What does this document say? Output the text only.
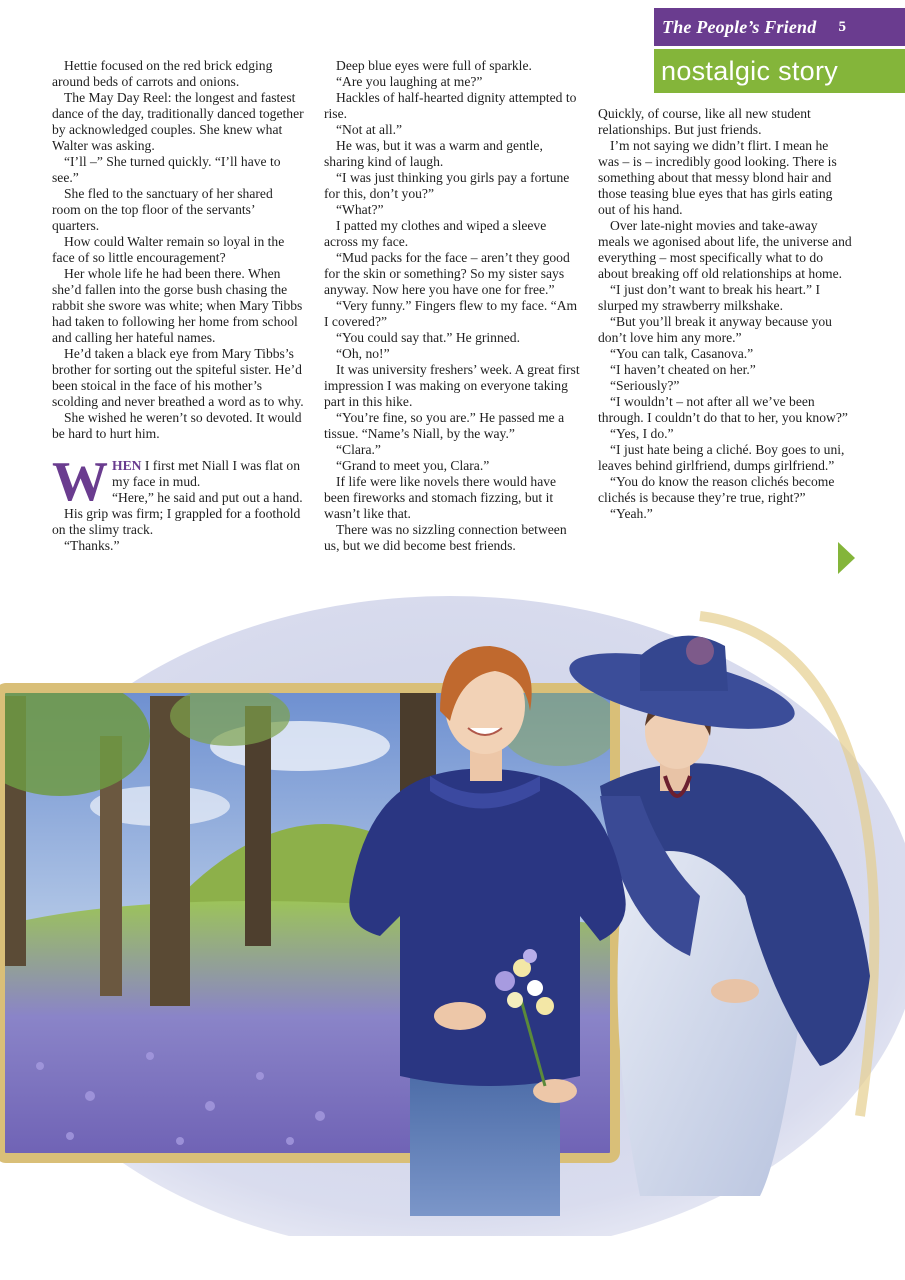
The People’s Friend 5
nostalgic story

Hettie focused on the red brick edging around beds of carrots and onions.

The May Day Reel: the longest and fastest dance of the day, traditionally danced together by acknowledged couples. She knew what Walter was asking.

“I’ll –” She turned quickly. “I’ll have to see.”

She fled to the sanctuary of her shared room on the top floor of the servants’ quarters.

How could Walter remain so loyal in the face of so little encouragement?

Her whole life he had been there. When she’d fallen into the gorse bush chasing the rabbit she swore was white; when Mary Tibbs had taken to following her home from school and calling her hateful names.

He’d taken a black eye from Mary Tibbs’s brother for sorting out the spiteful sister. He’d been stoical in the face of his mother’s scolding and never breathed a word as to why.

She wished he weren’t so devoted. It would be hard to hurt him.

WHEN I first met Niall I was flat on my face in mud.

“Here,” he said and put out a hand.

His grip was firm; I grappled for a foothold on the slimy track.

“Thanks.”

Deep blue eyes were full of sparkle.

“Are you laughing at me?”

Hackles of half-hearted dignity attempted to rise.

“Not at all.”

He was, but it was a warm and gentle, sharing kind of laugh.

“I was just thinking you girls pay a fortune for this, don’t you?”

“What?”

I patted my clothes and wiped a sleeve across my face.

“Mud packs for the face – aren’t they good for the skin or something? So my sister says anyway. Now here you have one for free.”

“Very funny.” Fingers flew to my face. “Am I covered?”

“You could say that.” He grinned.

“Oh, no!”

It was university freshers’ week. A great first impression I was making on everyone taking part in this hike.

“You’re fine, so you are.” He passed me a tissue. “Name’s Niall, by the way.”

“Clara.”

“Grand to meet you, Clara.”

If life were like novels there would have been fireworks and stomach fizzing, but it wasn’t like that.

There was no sizzling connection between us, but we did become best friends.

Quickly, of course, like all new student relationships. But just friends.

I’m not saying we didn’t flirt. I mean he was – is – incredibly good looking. There is something about that messy blond hair and those teasing blue eyes that has girls eating out of his hand.

Over late-night movies and take-away meals we agonised about life, the universe and everything – most specifically what to do about breaking off old relationships at home.

“I just don’t want to break his heart.” I slurped my strawberry milkshake.

“But you’ll break it anyway because you don’t love him any more.”

“You can talk, Casanova.”

“I haven’t cheated on her.”

“Seriously?”

“I wouldn’t – not after all we’ve been through. I couldn’t do that to her, you know?”

“Yes, I do.”

“I just hate being a cliché. Boy goes to uni, leaves behind girlfriend, dumps girlfriend.”

“You do know the reason clichés become clichés is because they’re true, right?”

“Yeah.”
